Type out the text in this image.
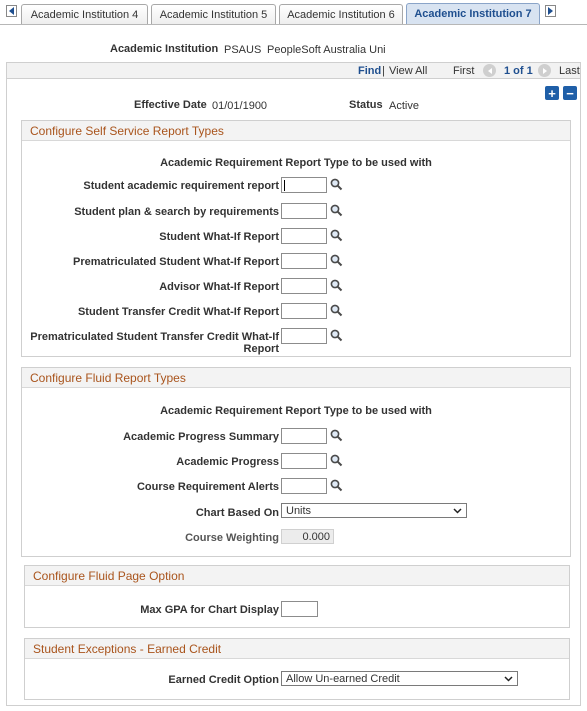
Academic Institution 4 Academic Institution 5 Academic Institution 6 Academic Institution 7
Academic Institution PSAUS PeopleSoft Australia Uni
Find | View All First	1 of 1 Last
+ −
Effective Date 01/01/1900	Status Active
Configure Self Service Report Types
Academic Requirement Report Type to be used with
Student academic requirement report
Student plan & search by requirements
Student What-If Report
Prematriculated Student What-If Report
Advisor What-If Report
Student Transfer Credit What-If Report
Prematriculated Student Transfer Credit What-If Report
Configure Fluid Report Types
Academic Requirement Report Type to be used with
Academic Progress Summary
Academic Progress
Course Requirement Alerts
Chart Based On Units
Course Weighting	0.000
Configure Fluid Page Option
Max GPA for Chart Display
Student Exceptions - Earned Credit
Earned Credit Option Allow Un-earned Credit
